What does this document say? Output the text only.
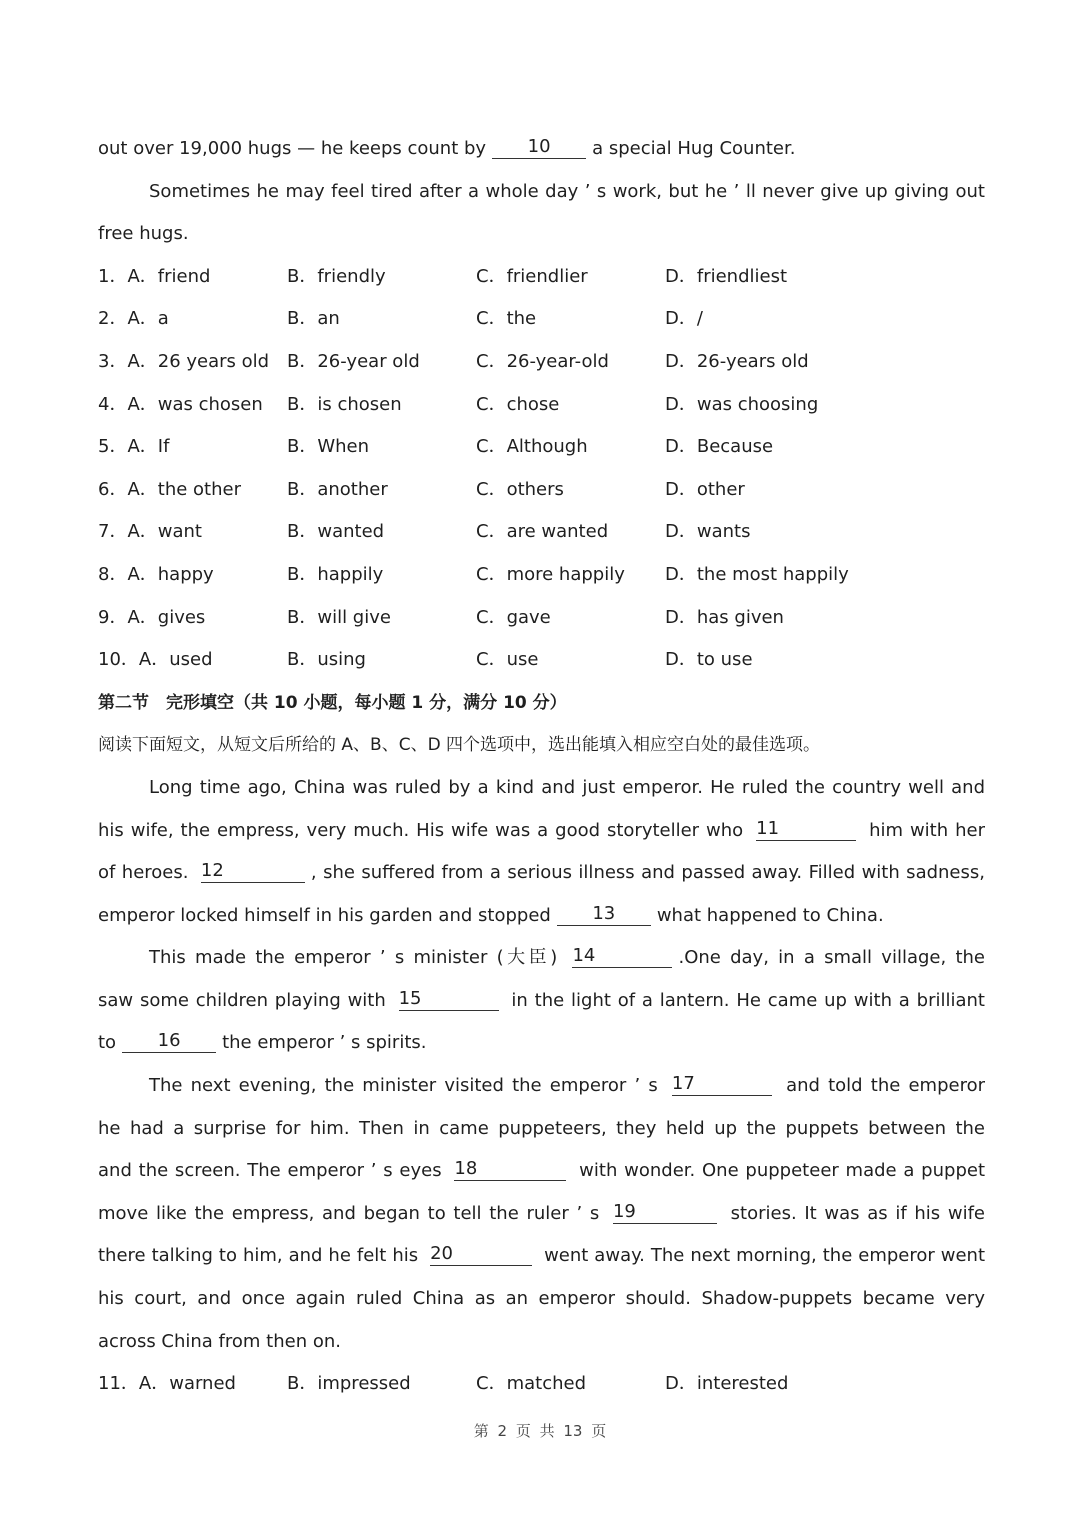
out over 19,000 hugs — he keeps count by 10 a special Hug Counter.
Sometimes he may feel tired after a whole day ’ s work, but he ’ ll never give up giving out
free hugs.
1．A．friend	B．friendly	C．friendlier	D．friendliest
2．A．a	B．an	C．the	D．/
3．A．26 years old B．26-year old	C．26-year-old	D．26-years old
4．A．was chosen	B．is chosen	C．chose	D．was choosing
5．A．If	B．When	C．Although	D．Because
6．A．the other	B．another	C．others	D．other
7．A．want	B．wanted	C．are wanted	D．wants
8．A．happy	B．happily	C．more happily	D．the most happily
9．A．gives	B．will give	C．gave	D．has given
10．A．used	B．using	C．use	D．to use
第二节　完形填空（共 10 小题，每小题 1 分，满分 10 分）
阅读下面短文，从短文后所给的 A、B、C、D 四个选项中，选出能填入相应空白处的最佳选项。
Long time ago, China was ruled by a kind and just emperor. He ruled the country well and
his wife, the empress, very much. His wife was a good storyteller who 11	him with her
of heroes. 12	, she suffered from a serious illness and passed away. Filled with sadness,
emperor locked himself in his garden and stopped 13 what happened to China.
This made the emperor ’ s minister (大臣) 14	.One day, in a small village, the
saw some children playing with 15	in the light of a lantern. He came up with a brilliant
to 16 the emperor ’ s spirits.
The next evening, the minister visited the emperor ’ s 17	and told the emperor
he had a surprise for him. Then in came puppeteers, they held up the puppets between the
and the screen. The emperor ’ s eyes 18	with wonder. One puppeteer made a puppet
move like the empress, and began to tell the ruler ’ s 19	stories. It was as if his wife
there talking to him, and he felt his 20	went away. The next morning, the emperor went
his court, and once again ruled China as an emperor should. Shadow-puppets became very
across China from then on.
11．A．warned	B．impressed	C．matched	D．interested
第 2 页 共 13 页
